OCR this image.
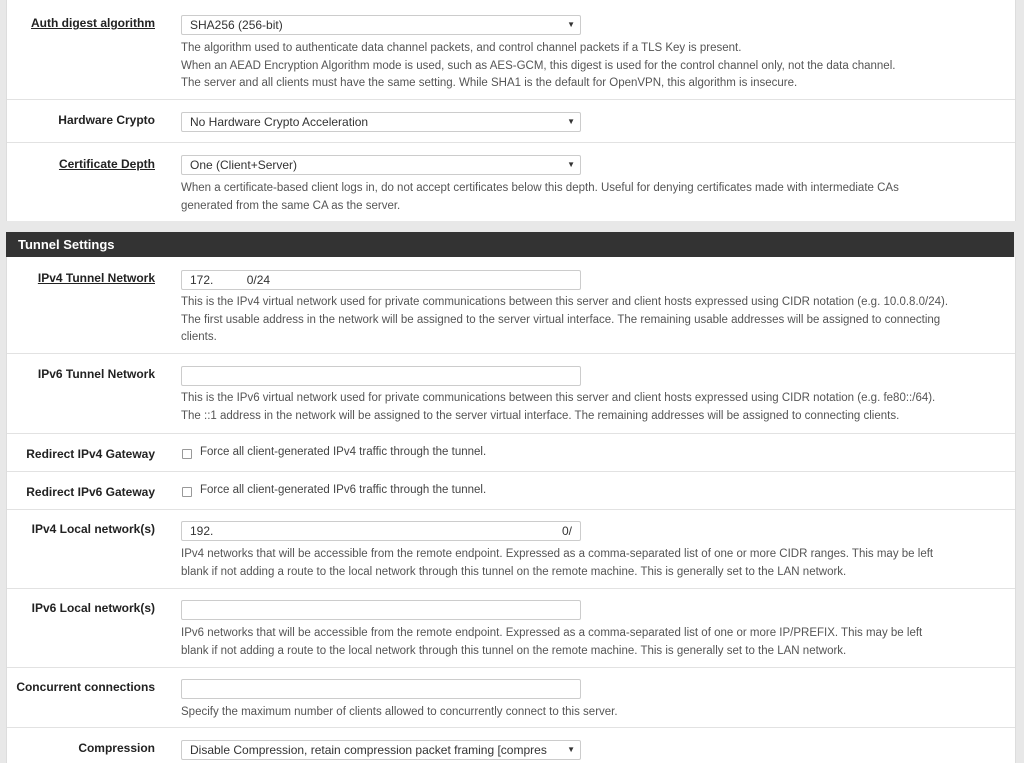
Auth digest algorithm	SHA256 (256-bit)	▼
The algorithm used to authenticate data channel packets, and control channel packets if a TLS Key is present.
When an AEAD Encryption Algorithm mode is used, such as AES-GCM, this digest is used for the control channel only, not the data channel.
The server and all clients must have the same setting. While SHA1 is the default for OpenVPN, this algorithm is insecure.
Hardware Crypto	No Hardware Crypto Acceleration	▼
Certificate Depth	One (Client+Server)	▼
When a certificate-based client logs in, do not accept certificates below this depth. Useful for denying certificates made with intermediate CAs
generated from the same CA as the server.
Tunnel Settings
IPv4 Tunnel Network	172.          0/24
This is the IPv4 virtual network used for private communications between this server and client hosts expressed using CIDR notation (e.g. 10.0.8.0/24).
The first usable address in the network will be assigned to the server virtual interface. The remaining usable addresses will be assigned to connecting
clients.
IPv6 Tunnel Network
This is the IPv6 virtual network used for private communications between this server and client hosts expressed using CIDR notation (e.g. fe80::/64).
The ::1 address in the network will be assigned to the server virtual interface. The remaining addresses will be assigned to connecting clients.
Redirect IPv4 Gateway	Force all client-generated IPv4 traffic through the tunnel.
Redirect IPv6 Gateway	Force all client-generated IPv6 traffic through the tunnel.
IPv4 Local network(s)	192.	0/
IPv4 networks that will be accessible from the remote endpoint. Expressed as a comma-separated list of one or more CIDR ranges. This may be left
blank if not adding a route to the local network through this tunnel on the remote machine. This is generally set to the LAN network.
IPv6 Local network(s)
IPv6 networks that will be accessible from the remote endpoint. Expressed as a comma-separated list of one or more IP/PREFIX. This may be left
blank if not adding a route to the local network through this tunnel on the remote machine. This is generally set to the LAN network.
Concurrent connections
Specify the maximum number of clients allowed to concurrently connect to this server.
Compression	Disable Compression, retain compression packet framing [compres	▼
